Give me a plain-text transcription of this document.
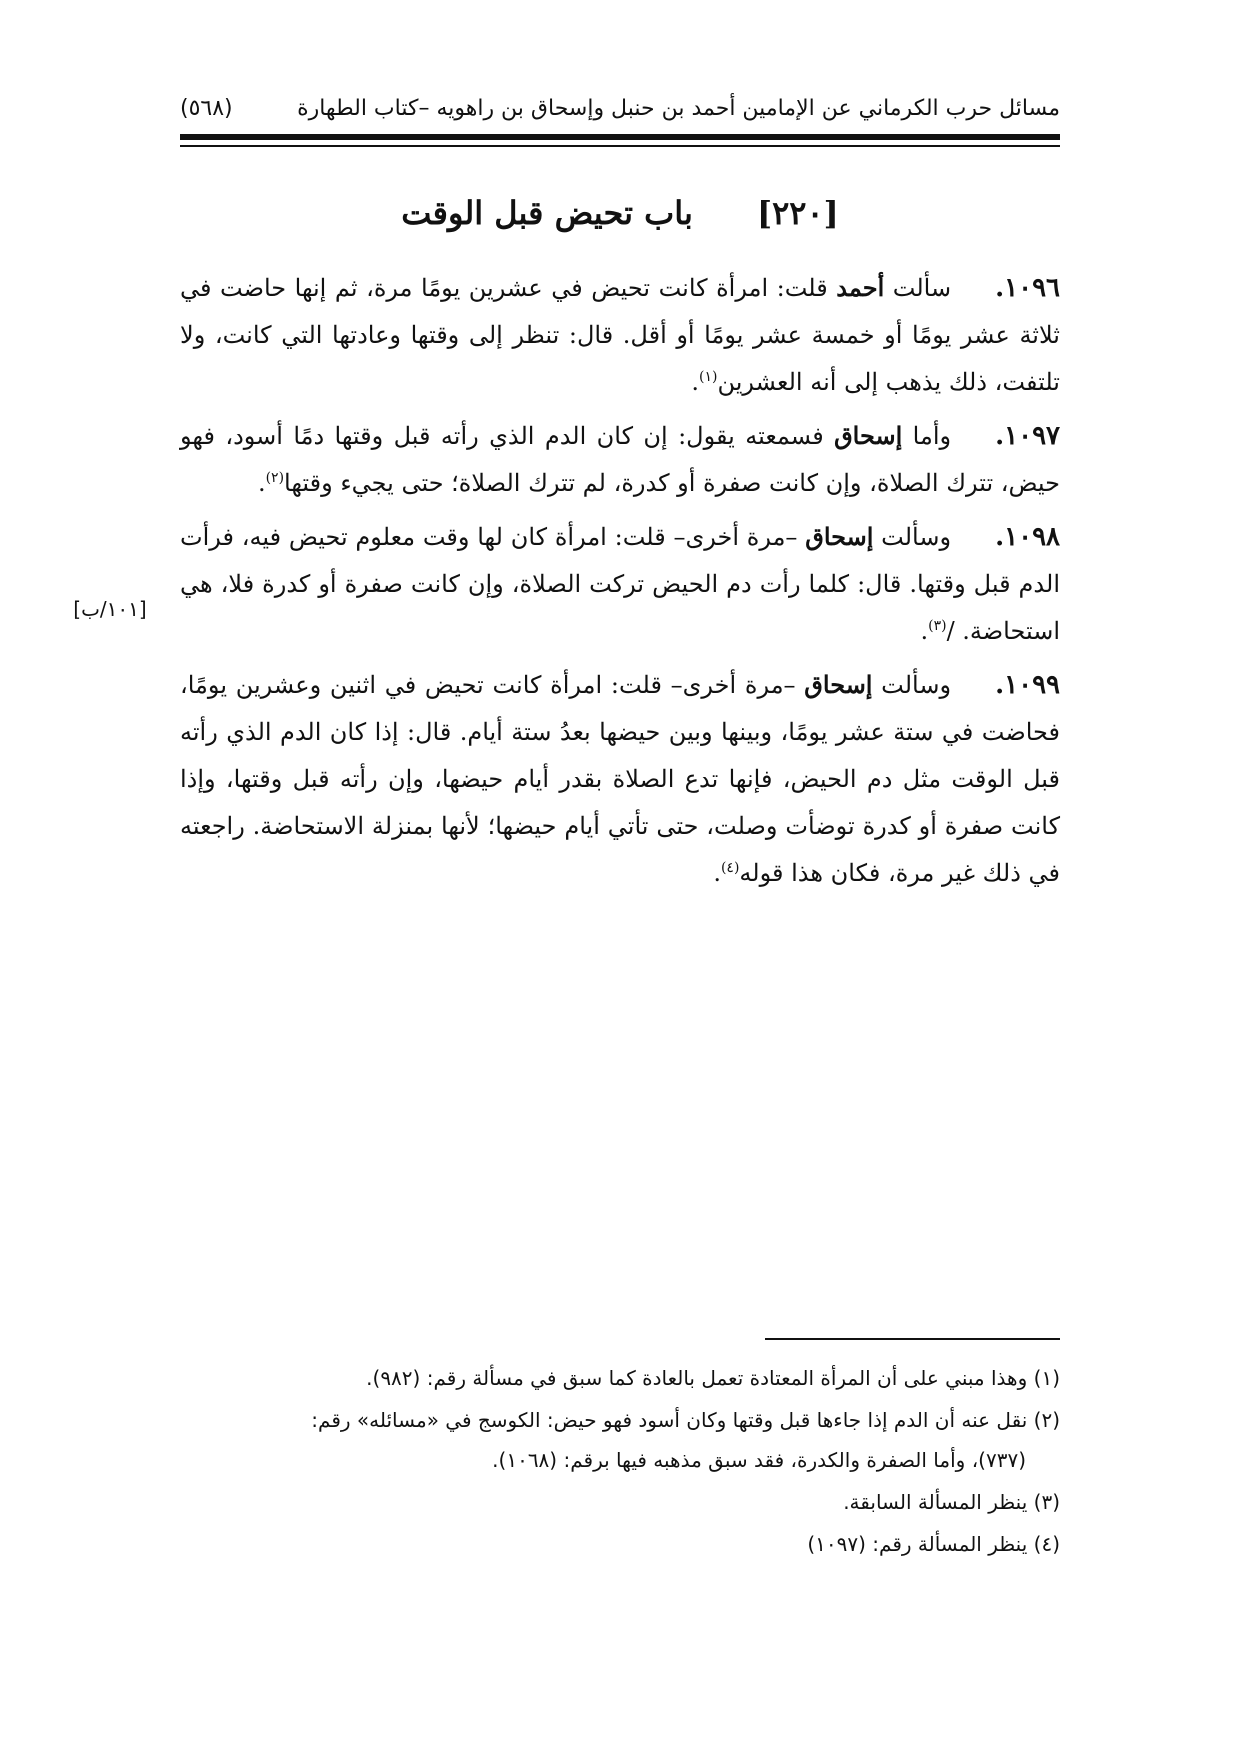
مسائل حرب الكرماني عن الإمامين أحمد بن حنبل وإسحاق بن راهويه –كتاب الطهارة
(٥٦٨)
[٢٢٠]
باب تحيض قبل الوقت
١٠٩٦.سألت أحمد قلت: امرأة كانت تحيض في عشرين يومًا مرة، ثم إنها حاضت في ثلاثة عشر يومًا أو خمسة عشر يومًا أو أقل. قال: تنظر إلى وقتها وعادتها التي كانت، ولا تلتفت، ذلك يذهب إلى أنه العشرين$^{(١)}$.
١٠٩٧.وأما إسحاق فسمعته يقول: إن كان الدم الذي رأته قبل وقتها دمًا أسود، فهو حيض، تترك الصلاة، وإن كانت صفرة أو كدرة، لم تترك الصلاة؛ حتى يجيء وقتها$^{(٢)}$.
١٠٩٨.وسألت إسحاق –مرة أخرى– قلت: امرأة كان لها وقت معلوم تحيض فيه، فرأت الدم قبل وقتها. قال: كلما رأت دم الحيض تركت الصلاة، وإن كانت صفرة أو كدرة فلا، هي استحاضة. /$^{(٣)}$.
١٠٩٩.وسألت إسحاق –مرة أخرى– قلت: امرأة كانت تحيض في اثنين وعشرين يومًا، فحاضت في ستة عشر يومًا، وبينها وبين حيضها بعدُ ستة أيام. قال: إذا كان الدم الذي رأته قبل الوقت مثل دم الحيض، فإنها تدع الصلاة بقدر أيام حيضها، وإن رأته قبل وقتها، وإذا كانت صفرة أو كدرة توضأت وصلت، حتى تأتي أيام حيضها؛ لأنها بمنزلة الاستحاضة. راجعته في ذلك غير مرة، فكان هذا قوله$^{(٤)}$.
[١٠١/ب]

(١) وهذا مبني على أن المرأة المعتادة تعمل بالعادة كما سبق في مسألة رقم: (٩٨٢).

(٢) نقل عنه أن الدم إذا جاءها قبل وقتها وكان أسود فهو حيض: الكوسج في «مسائله» رقم:
(٧٣٧)، وأما الصفرة والكدرة، فقد سبق مذهبه فيها برقم: (١٠٦٨).

(٣) ينظر المسألة السابقة.

(٤) ينظر المسألة رقم: (١٠٩٧)
